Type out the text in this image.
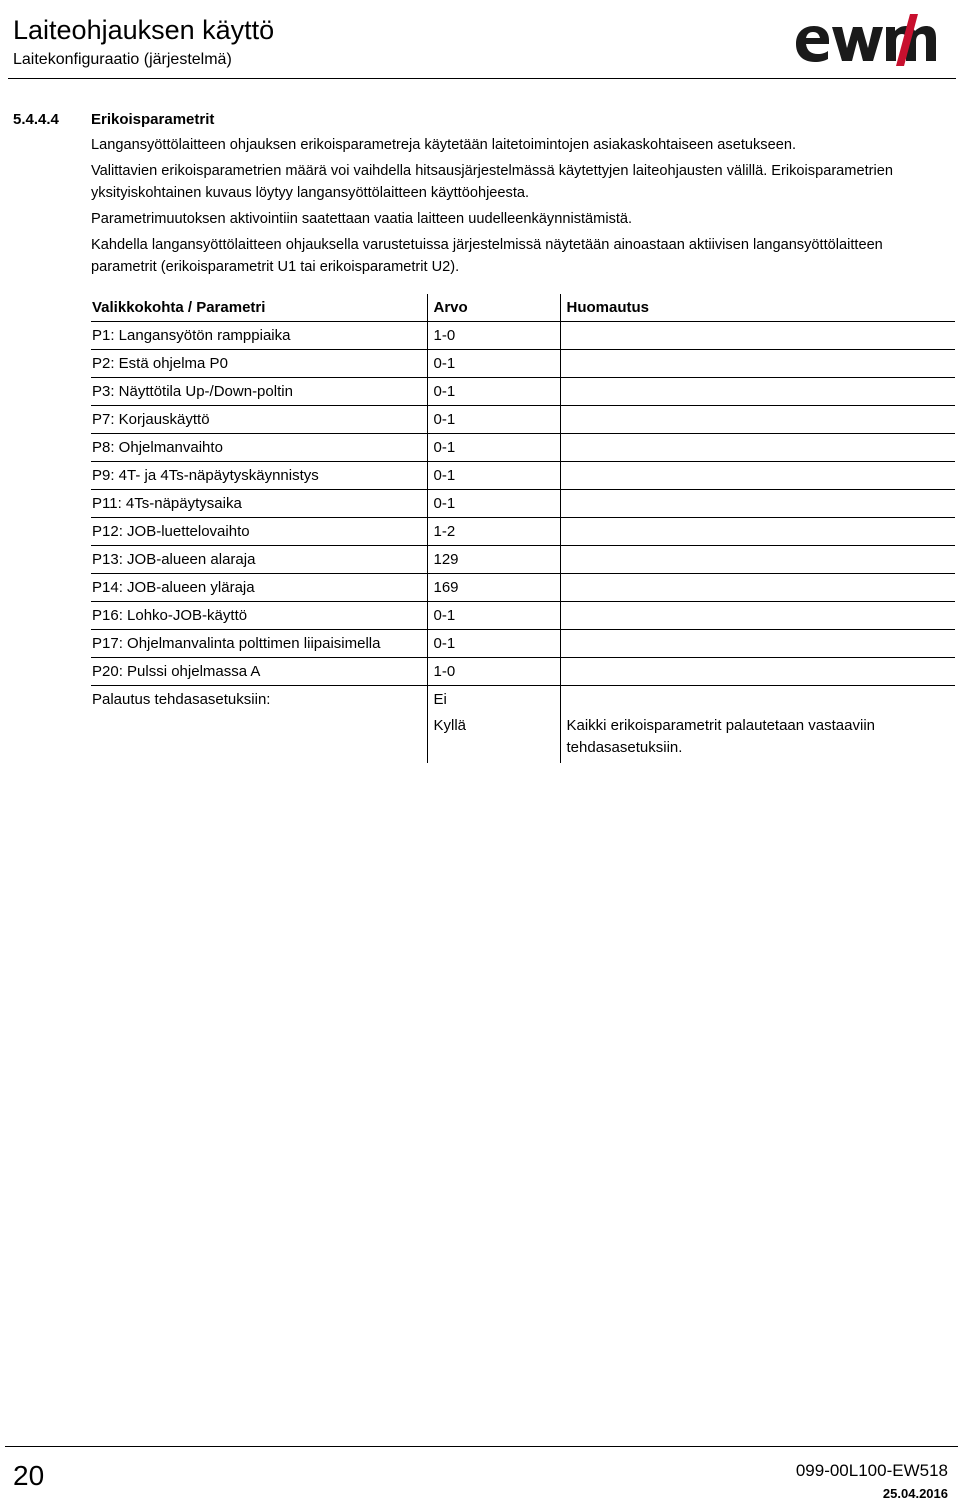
Laiteohjauksen käyttö
Laitekonfiguraatio (järjestelmä)
5.4.4.4 Erikoisparametrit
Langansyöttölaitteen ohjauksen erikoisparametreja käytetään laitetoimintojen asiakaskohtaiseen asetukseen.
Valittavien erikoisparametrien määrä voi vaihdella hitsausjärjestelmässä käytettyjen laiteohjausten välillä. Erikoisparametrien yksityiskohtainen kuvaus löytyy langansyöttölaitteen käyttöohjeesta.
Parametrimuutoksen aktivointiin saatettaan vaatia laitteen uudelleenkäynnistämistä.
Kahdella langansyöttölaitteen ohjauksella varustetuissa järjestelmissä näytetään ainoastaan aktiivisen langansyöttölaitteen parametrit (erikoisparametrit U1 tai erikoisparametrit U2).
Valikkokohta / Parametri	Arvo	Huomautus
P1: Langansyötön ramppiaika	1-0	
P2: Estä ohjelma P0	0-1	
P3: Näyttötila Up-/Down-poltin	0-1	
P7: Korjauskäyttö	0-1	
P8: Ohjelmanvaihto	0-1	
P9: 4T- ja 4Ts-näpäytyskäynnistys	0-1	
P11: 4Ts-näpäytysaika	0-1	
P12: JOB-luettelovaihto	1-2	
P13: JOB-alueen alaraja	129	
P14: JOB-alueen yläraja	169	
P16: Lohko-JOB-käyttö	0-1	
P17: Ohjelmanvalinta polttimen liipaisimella	0-1	
P20: Pulssi ohjelmassa A	1-0	
Palautus tehdasasetuksiin:	Ei	
	Kyllä	Kaikki erikoisparametrit palautetaan vastaaviin tehdasasetuksiin.
20	099-00L100-EW518
25.04.2016
